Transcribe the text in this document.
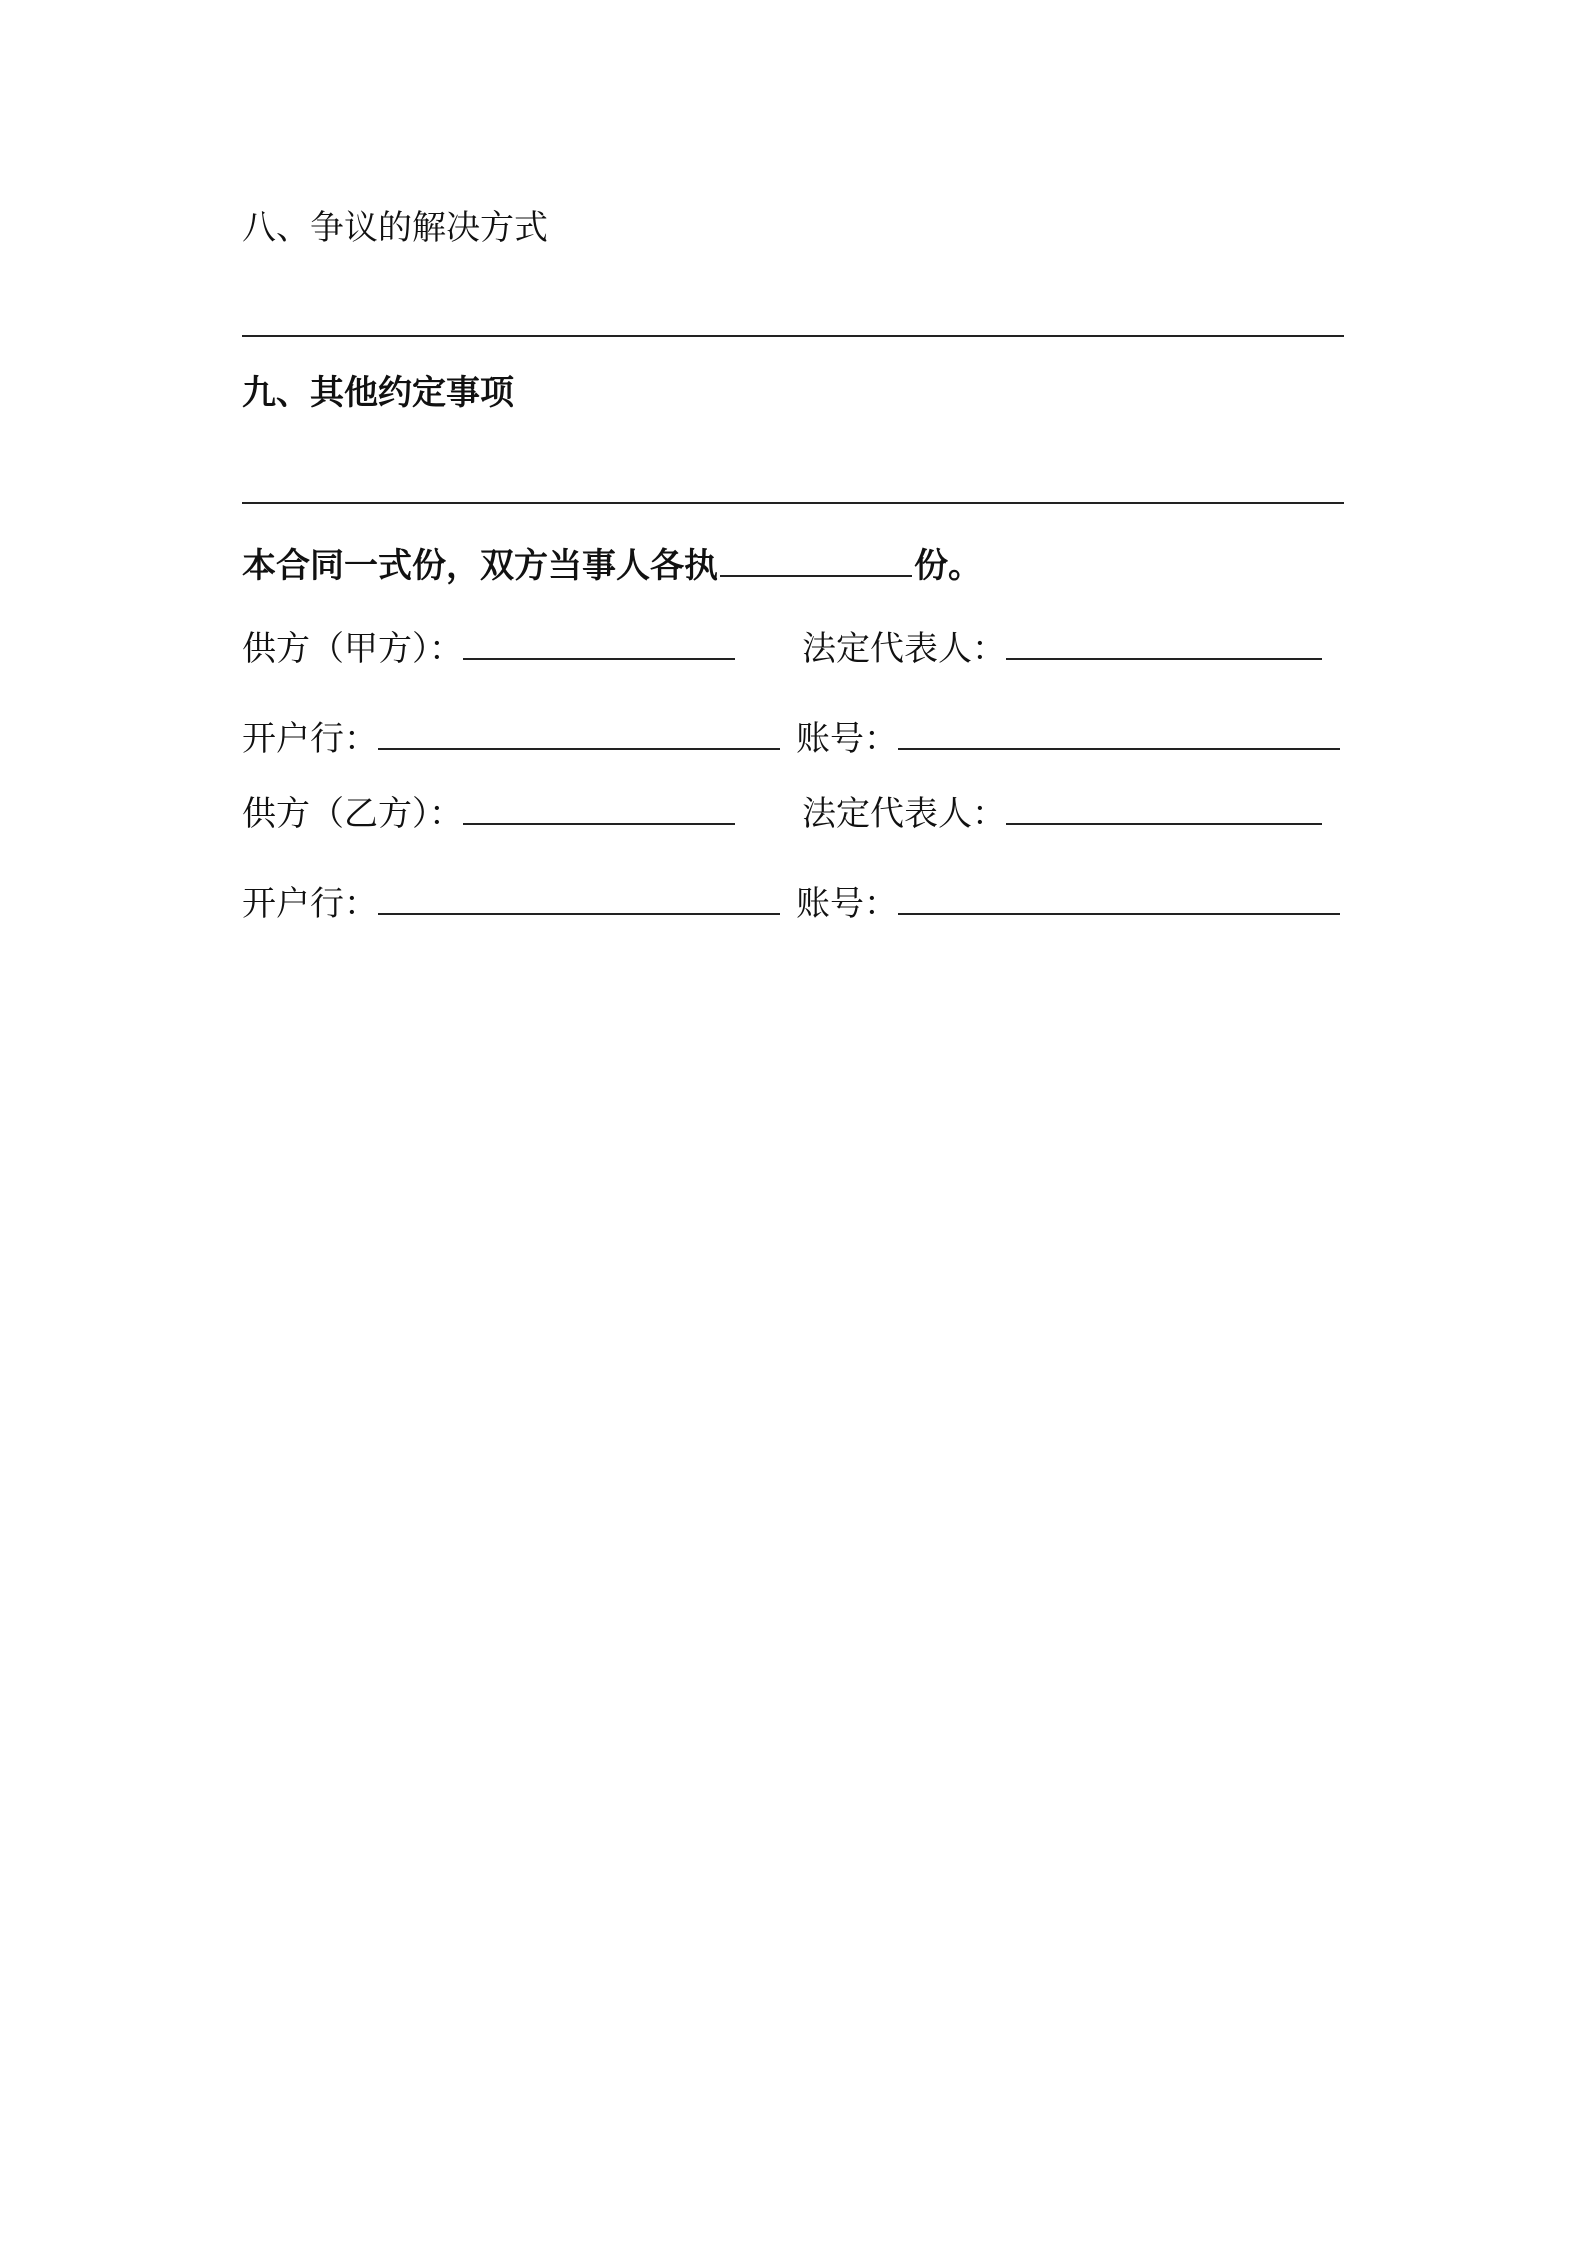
八、争议的解决方式
九、其他约定事项
本合同一式份，双方当事人各执	份。
供方（甲方）：	法定代表人：
开户行：	账号：
供方（乙方）：	法定代表人：
开户行：	账号：
